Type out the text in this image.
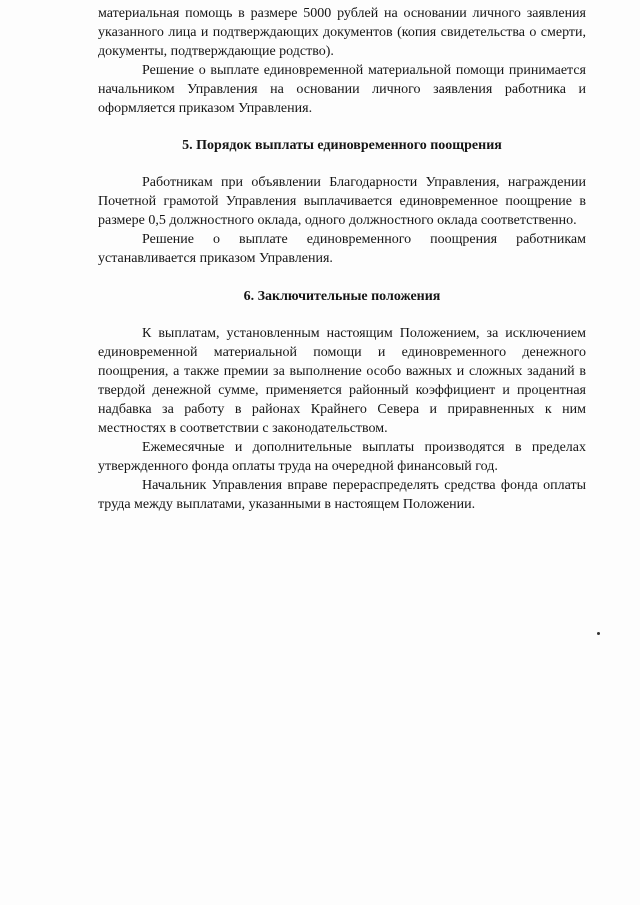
материальная помощь в размере 5000 рублей на основании личного заявления указанного лица и подтверждающих документов (копия свидетельства о смерти, документы, подтверждающие родство).

Решение о выплате единовременной материальной помощи принимается начальником Управления на основании личного заявления работника и оформляется приказом Управления.

5. Порядок выплаты единовременного поощрения

Работникам при объявлении Благодарности Управления, награждении Почетной грамотой Управления выплачивается единовременное поощрение в размере 0,5 должностного оклада, одного должностного оклада соответственно.

Решение о выплате единовременного поощрения работникам устанавливается приказом Управления.

6. Заключительные положения

К выплатам, установленным настоящим Положением, за исключением единовременной материальной помощи и единовременного денежного поощрения, а также премии за выполнение особо важных и сложных заданий в твердой денежной сумме, применяется районный коэффициент и процентная надбавка за работу в районах Крайнего Севера и приравненных к ним местностях в соответствии с законодательством.

Ежемесячные и дополнительные выплаты производятся в пределах утвержденного фонда оплаты труда на очередной финансовый год.

Начальник Управления вправе перераспределять средства фонда оплаты труда между выплатами, указанными в настоящем Положении.
